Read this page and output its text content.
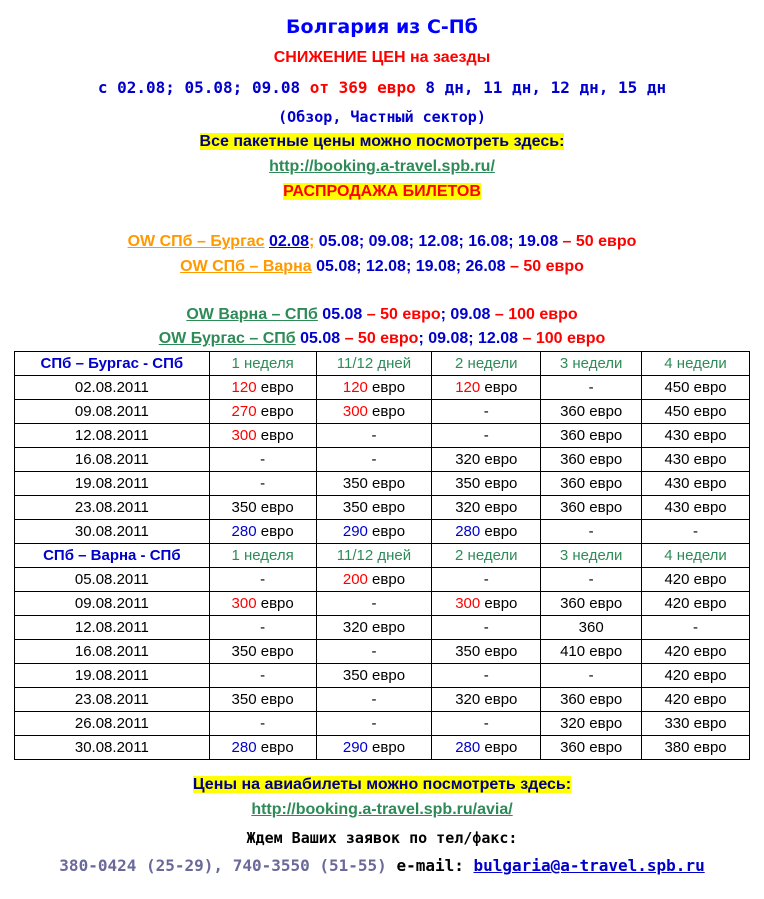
Болгария из С-Пб
СНИЖЕНИЕ ЦЕН на заезды
с 02.08; 05.08; 09.08 от 369 евро 8 дн, 11 дн, 12 дн, 15 дн
(Обзор, Частный сектор)
Все пакетные цены можно посмотреть здесь:
http://booking.a-travel.spb.ru/
РАСПРОДАЖА БИЛЕТОВ
OW СПб – Бургас 02.08; 05.08; 09.08; 12.08; 16.08; 19.08 – 50 евро
OW СПб – Варна 05.08; 12.08; 19.08; 26.08 – 50 евро
OW Варна – СПб 05.08 – 50 евро; 09.08 – 100 евро
OW Бургас – СПб 05.08 – 50 евро; 09.08; 12.08 – 100 евро
СПб – Бургас - СПб	1 неделя	11/12 дней	2 недели	3 недели	4 недели
02.08.2011	120 евро	120 евро	120 евро	-	450 евро
09.08.2011	270 евро	300 евро	-	360 евро	450 евро
12.08.2011	300 евро	-	-	360 евро	430 евро
16.08.2011	-	-	320 евро	360 евро	430 евро
19.08.2011	-	350 евро	350 евро	360 евро	430 евро
23.08.2011	350 евро	350 евро	320 евро	360 евро	430 евро
30.08.2011	280 евро	290 евро	280 евро	-	-
СПб – Варна - СПб	1 неделя	11/12 дней	2 недели	3 недели	4 недели
05.08.2011	-	200 евро	-	-	420 евро
09.08.2011	300 евро	-	300 евро	360 евро	420 евро
12.08.2011	-	320 евро	-	360	-
16.08.2011	350 евро	-	350 евро	410 евро	420 евро
19.08.2011	-	350 евро	-	-	420 евро
23.08.2011	350 евро	-	320 евро	360 евро	420 евро
26.08.2011	-	-	-	320 евро	330 евро
30.08.2011	280 евро	290 евро	280 евро	360 евро	380 евро
Цены на авиабилеты можно посмотреть здесь:
http://booking.a-travel.spb.ru/avia/
Ждем Ваших заявок по тел/факс:
380-0424 (25-29), 740-3550 (51-55) e-mail: bulgaria@a-travel.spb.ru
